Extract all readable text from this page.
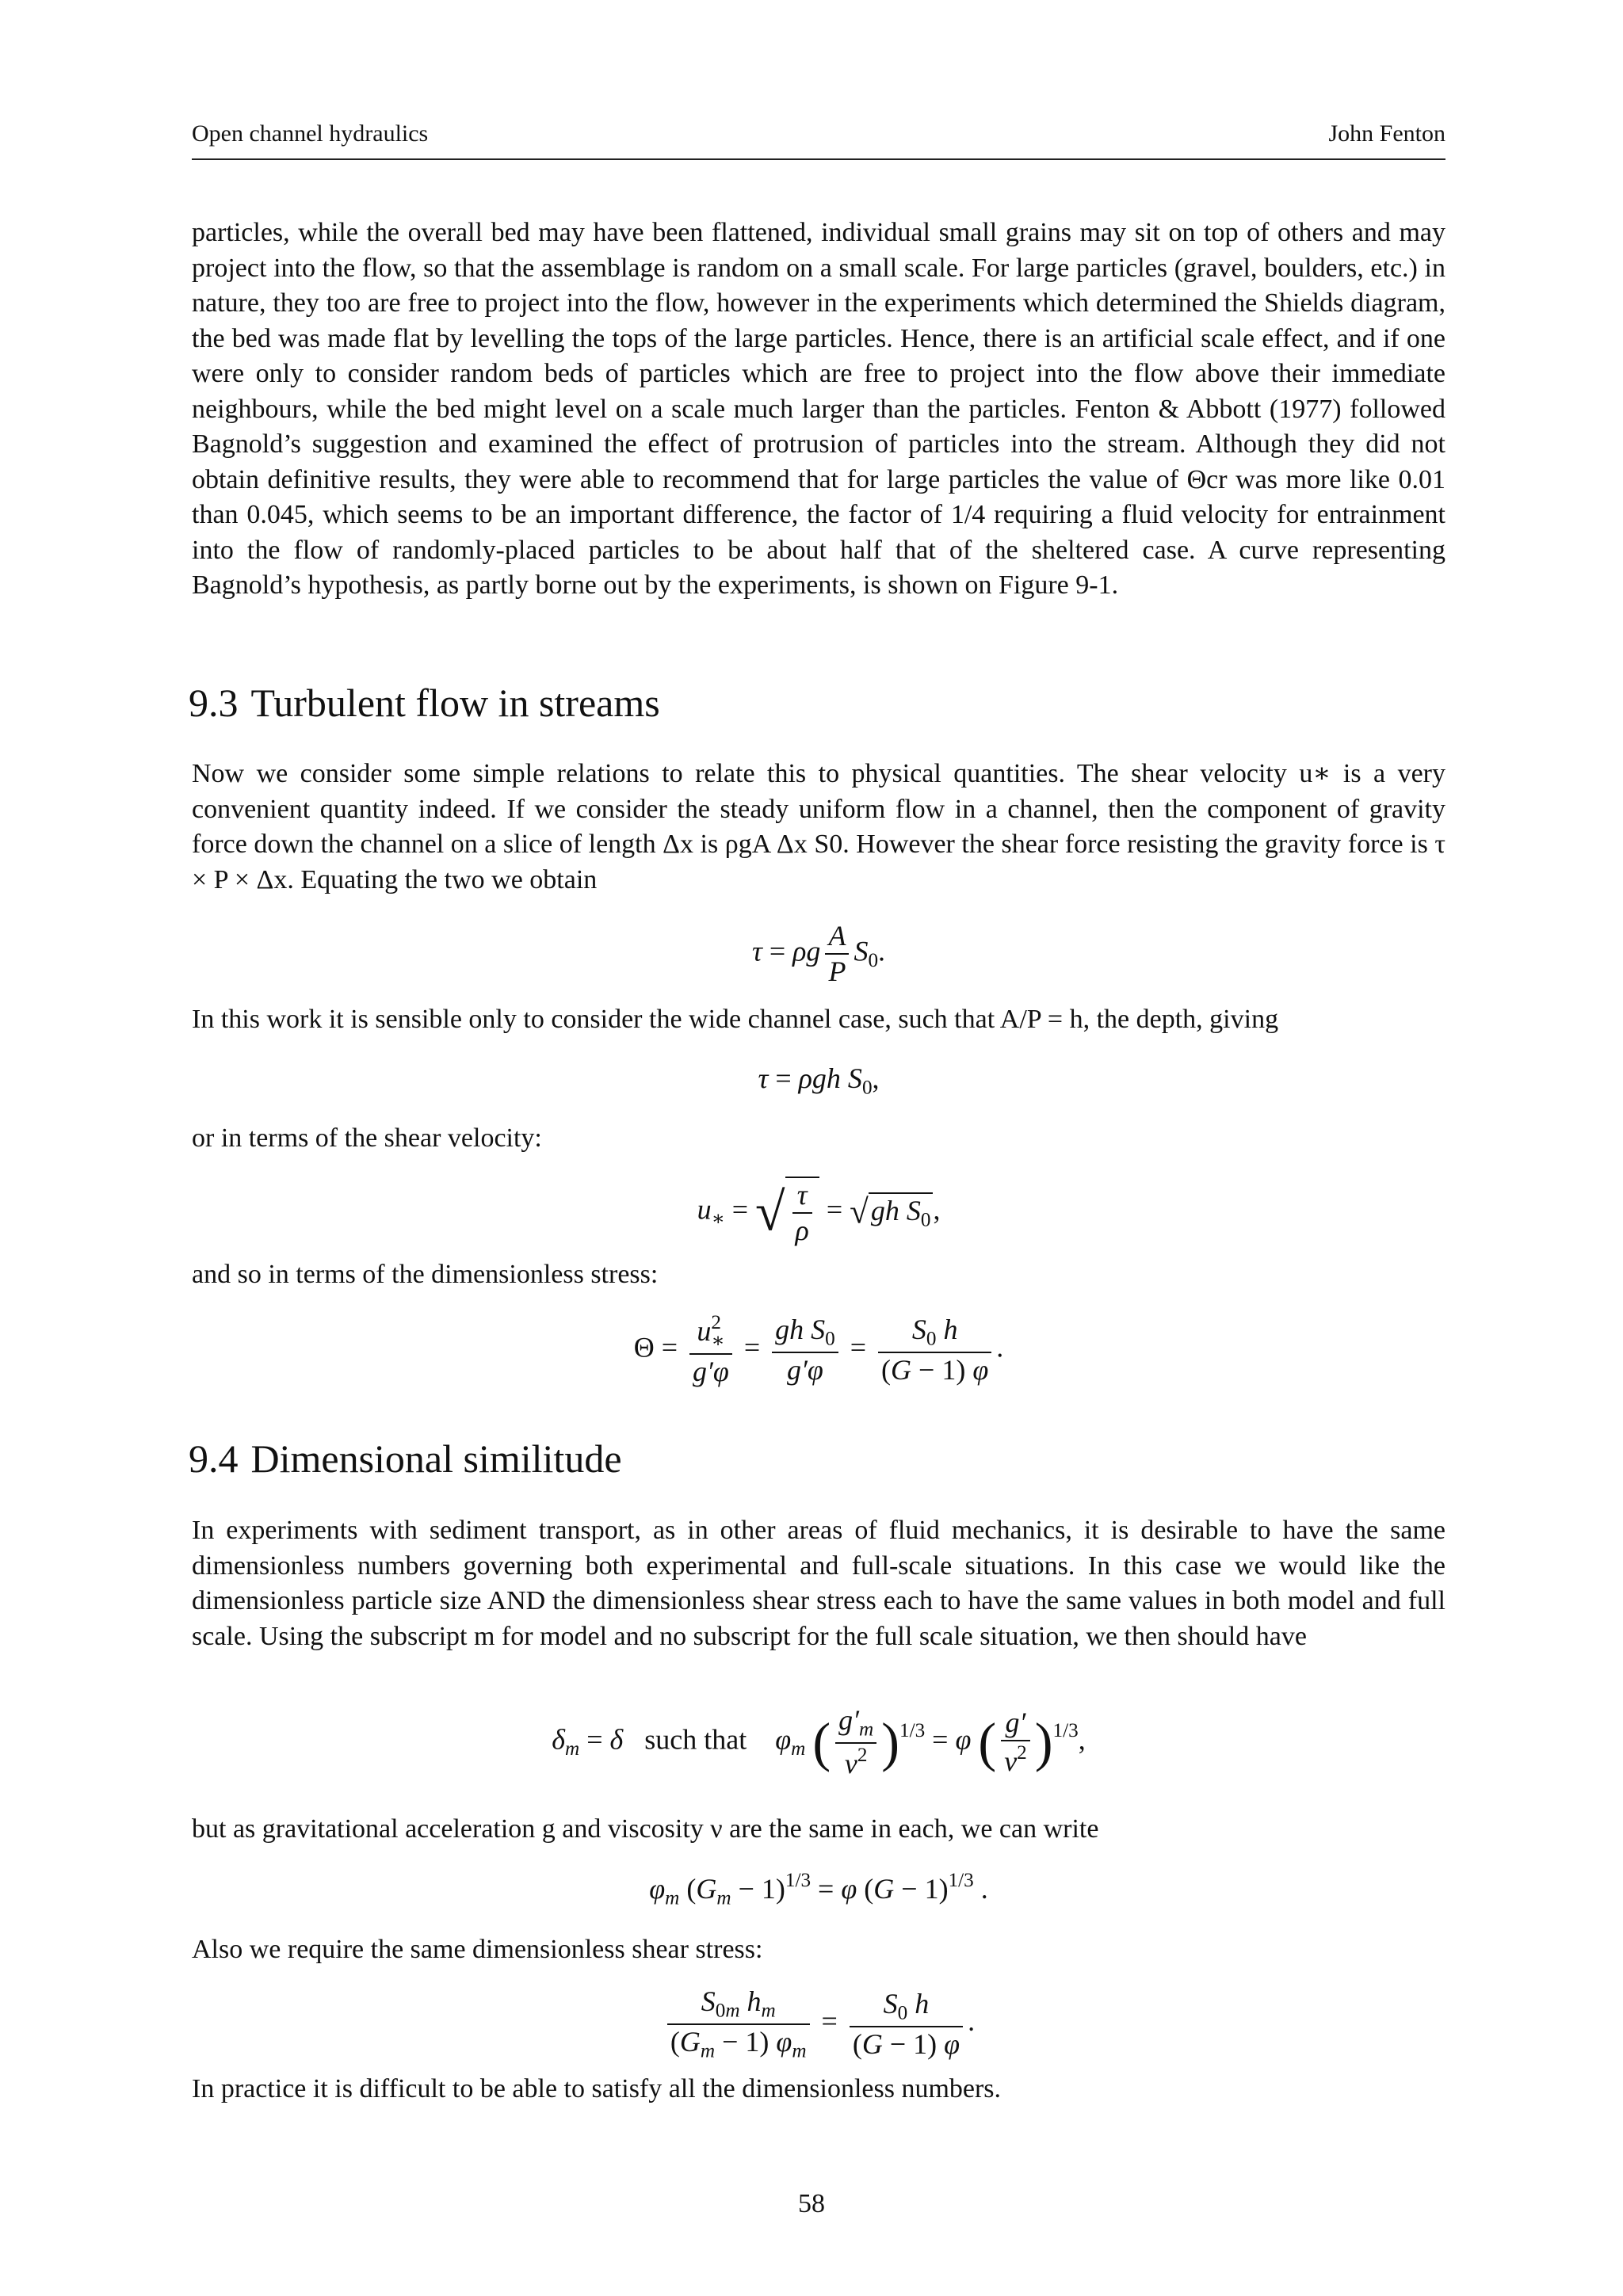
Open channel hydraulics	John Fenton

particles, while the overall bed may have been flattened, individual small grains may sit on top of others and may project into the flow, so that the assemblage is random on a small scale. For large particles (gravel, boulders, etc.) in nature, they too are free to project into the flow, however in the experiments which determined the Shields diagram, the bed was made flat by levelling the tops of the large particles. Hence, there is an artificial scale effect, and if one were only to consider random beds of particles which are free to project into the flow above their immediate neighbours, while the bed might level on a scale much larger than the particles. Fenton & Abbott (1977) followed Bagnold’s suggestion and examined the effect of protrusion of particles into the stream. Although they did not obtain definitive results, they were able to recommend that for large particles the value of Θcr was more like 0.01 than 0.045, which seems to be an important difference, the factor of 1/4 requiring a fluid velocity for entrainment into the flow of randomly-placed particles to be about half that of the sheltered case. A curve representing Bagnold’s hypothesis, as partly borne out by the experiments, is shown on Figure 9-1.

9.3 Turbulent flow in streams

Now we consider some simple relations to relate this to physical quantities. The shear velocity u∗ is a very convenient quantity indeed. If we consider the steady uniform flow in a channel, then the component of gravity force down the channel on a slice of length Δx is ρgA Δx S0. However the shear force resisting the gravity force is τ × P × Δx. Equating the two we obtain

τ = ρg $\frac{A}{P} S_0$.

In this work it is sensible only to consider the wide channel case, such that A/P = h, the depth, giving

τ = ρgh $S_0$,

or in terms of the shear velocity:

$u_∗$ = √ $\frac{\tau}{\rho} = √gh$ $S_0$,

and so in terms of the dimensionless stress:

$\Theta = \frac{u^2_∗}{g'\varphi} = \frac{gh S_0}{g'\varphi} = \frac{S_0 h}{(G - 1) \varphi}$ .
9.4 Dimensional similitude

In experiments with sediment transport, as in other areas of fluid mechanics, it is desirable to have the same dimensionless numbers governing both experimental and full-scale situations. In this case we would like the dimensionless particle size AND the dimensionless shear stress each to have the same values in both model and full scale. Using the subscript m for model and no subscript for the full scale situation, we then should have

$\delta_m = \delta$ such that $\varphi_m$ ( $\frac{g'_m}{\nu^2} )^{1/3} = \varphi$ ( $\frac{g'}{\nu^2} )^{1/3}$,

but as gravitational acceleration g and viscosity ν are the same in each, we can write

$\varphi_m$ $(G_m - 1)^{1/3} = \varphi$ $(G - 1)^{1/3}$ .

Also we require the same dimensionless shear stress:

$\frac{S_{0m} h_m}{(G_m - 1) \varphi_m} = \frac{S_0 h}{(G - 1) \varphi}$ .

In practice it is difficult to be able to satisfy all the dimensionless numbers.

58
